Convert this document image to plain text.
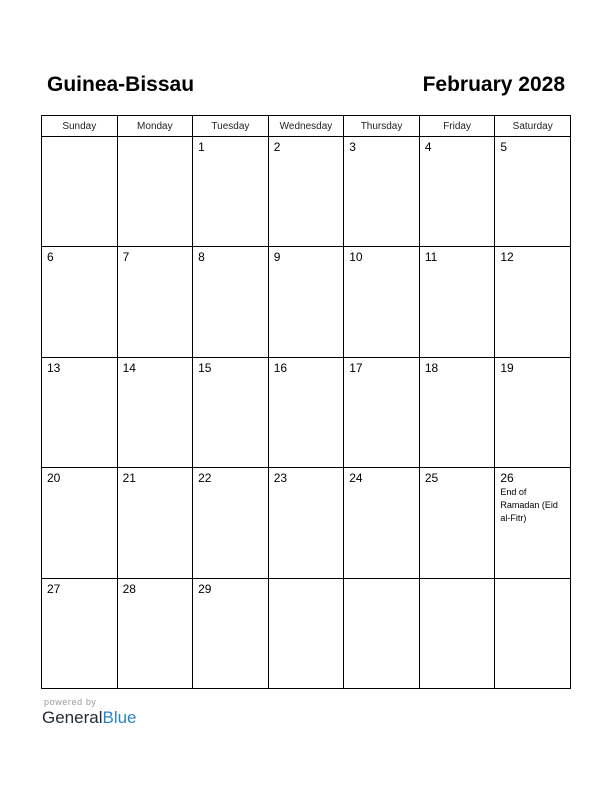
Guinea-Bissau	February 2028
Sunday	Monday	Tuesday	Wednesday	Thursday	Friday	Saturday

		1	2	3	4	5

6	7	8	9	10	11	12

13	14	15	16	17	18	19

20	21	22	23	24	25	26
End of Ramadan (Eid al-Fitr)

27	28	29				

powered by
GeneralBlue
